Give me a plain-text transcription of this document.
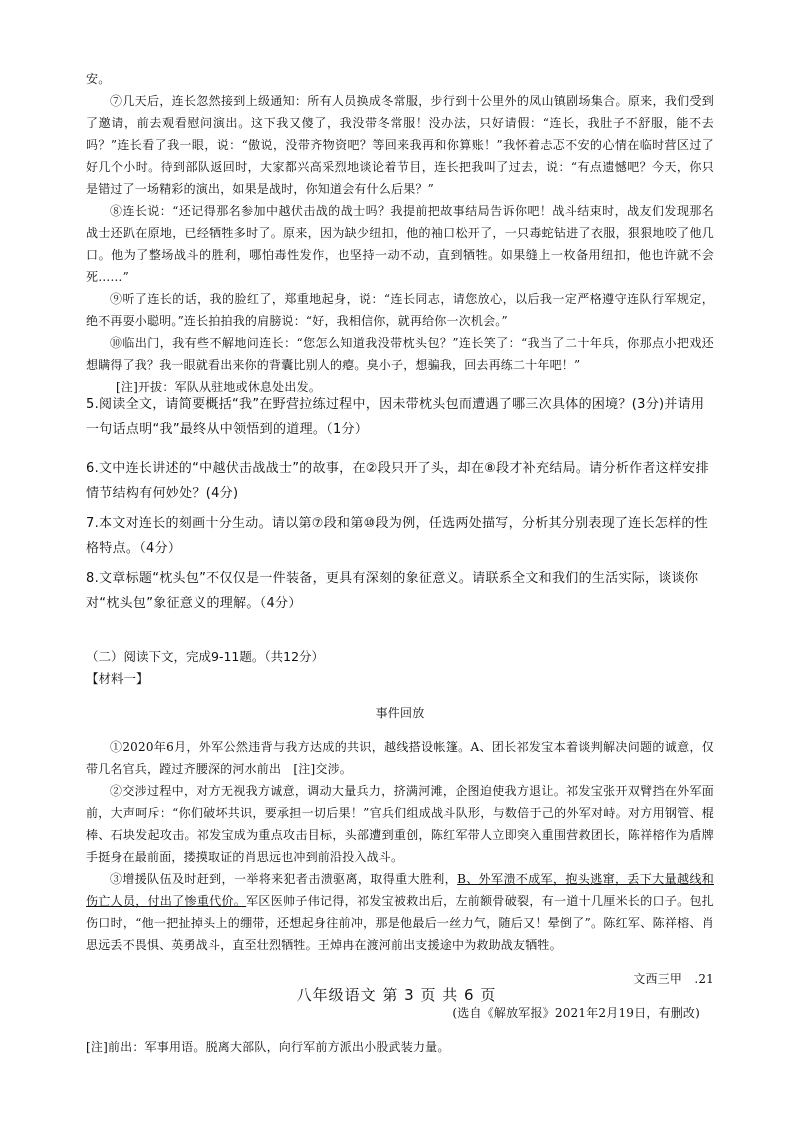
安。

⑦几天后，连长忽然接到上级通知：所有人员换成冬常服，步行到十公里外的凤山镇剧场集合。原来，我们受到了邀请，前去观看慰问演出。这下我又傻了，我没带冬常服！没办法，只好请假：“连长，我肚子不舒服，能不去吗？”连长看了我一眼，说：“傲说，没带齐物资吧？等回来我再和你算账！”我怀着忐忑不安的心情在临时营区过了好几个小时。待到部队返回时，大家都兴高采烈地谈论着节目，连长把我叫了过去，说：“有点遗憾吧？今天，你只是错过了一场精彩的演出，如果是战时，你知道会有什么后果？”

⑧连长说：“还记得那名参加中越伏击战的战士吗？我提前把故事结局告诉你吧！战斗结束时，战友们发现那名战士还趴在原地，已经牺牲多时了。原来，因为缺少纽扣，他的袖口松开了，一只毒蛇钻进了衣服，狠狠地咬了他几口。他为了整场战斗的胜利，哪怕毒性发作，也坚持一动不动，直到牺牲。如果缝上一枚备用纽扣，他也许就不会死……”

⑨听了连长的话，我的脸红了，郑重地起身，说：“连长同志，请您放心，以后我一定严格遵守连队行军规定，绝不再耍小聪明。”连长拍拍我的肩膀说：“好，我相信你，就再给你一次机会。”

⑩临出门，我有些不解地问连长：“您怎么知道我没带枕头包？”连长笑了：“我当了二十年兵，你那点小把戏还想瞒得了我？我一眼就看出来你的背囊比别人的瘪。臭小子，想骗我，回去再练二十年吧！”

[注]开拔：军队从驻地或休息处出发。

5.阅读全文，请简要概括“我”在野营拉练过程中，因未带枕头包而遭遇了哪三次具体的困境？(3分)并请用一句话点明“我”最终从中领悟到的道理。（1分）

6.文中连长讲述的“中越伏击战战士”的故事，在②段只开了头，却在⑧段才补充结局。请分析作者这样安排情节结构有何妙处？(4分)

7.本文对连长的刻画十分生动。请以第⑦段和第⑩段为例，任选两处描写，分析其分别表现了连长怎样的性格特点。（4分）

8.文章标题“枕头包”不仅仅是一件装备，更具有深刻的象征意义。请联系全文和我们的生活实际，谈谈你对“枕头包”象征意义的理解。（4分）

（二）阅读下文，完成9-11题。（共12分）

【材料一】

事件回放

①2020年6月，外军公然违背与我方达成的共识，越线搭设帐篷。A、团长祁发宝本着谈判解决问题的诚意，仅带几名官兵，蹚过齐腰深的河水前出　[注]交涉。

②交涉过程中，对方无视我方诚意，调动大量兵力，挤满河滩，企图迫使我方退让。祁发宝张开双臂挡在外军面前，大声呵斥：“你们破坏共识，要承担一切后果！”官兵们组成战斗队形，与数倍于己的外军对峙。对方用钢管、棍棒、石块发起攻击。祁发宝成为重点攻击目标，头部遭到重创，陈红军带人立即突入重围营救团长，陈祥榕作为盾牌手挺身在最前面，搂摸取证的肖思远也冲到前沿投入战斗。

③增援队伍及时赶到，一举将来犯者击溃驱离，取得重大胜利，B、外军溃不成军，抱头逃窜，丢下大量越线和伤亡人员，付出了惨重代价。军区医帅子伟记得，祁发宝被救出后，左前额骨破裂，有一道十几厘米长的口子。包扎伤口时，“他一把扯掉头上的绷带，还想起身往前冲，那是他最后一丝力气，随后又！晕倒了”。陈红军、陈祥榕、肖思远丢不畏惧、英勇战斗，直至壮烈牺牲。王焯冉在渡河前出支援途中为救助战友牺牲。

文西三甲　.21

(选自《解放军报》2021年2月19日，有删改)

[注]前出：军事用语。脱离大部队，向行军前方派出小股武装力量。

八年级语文 第 3 页 共 6 页
